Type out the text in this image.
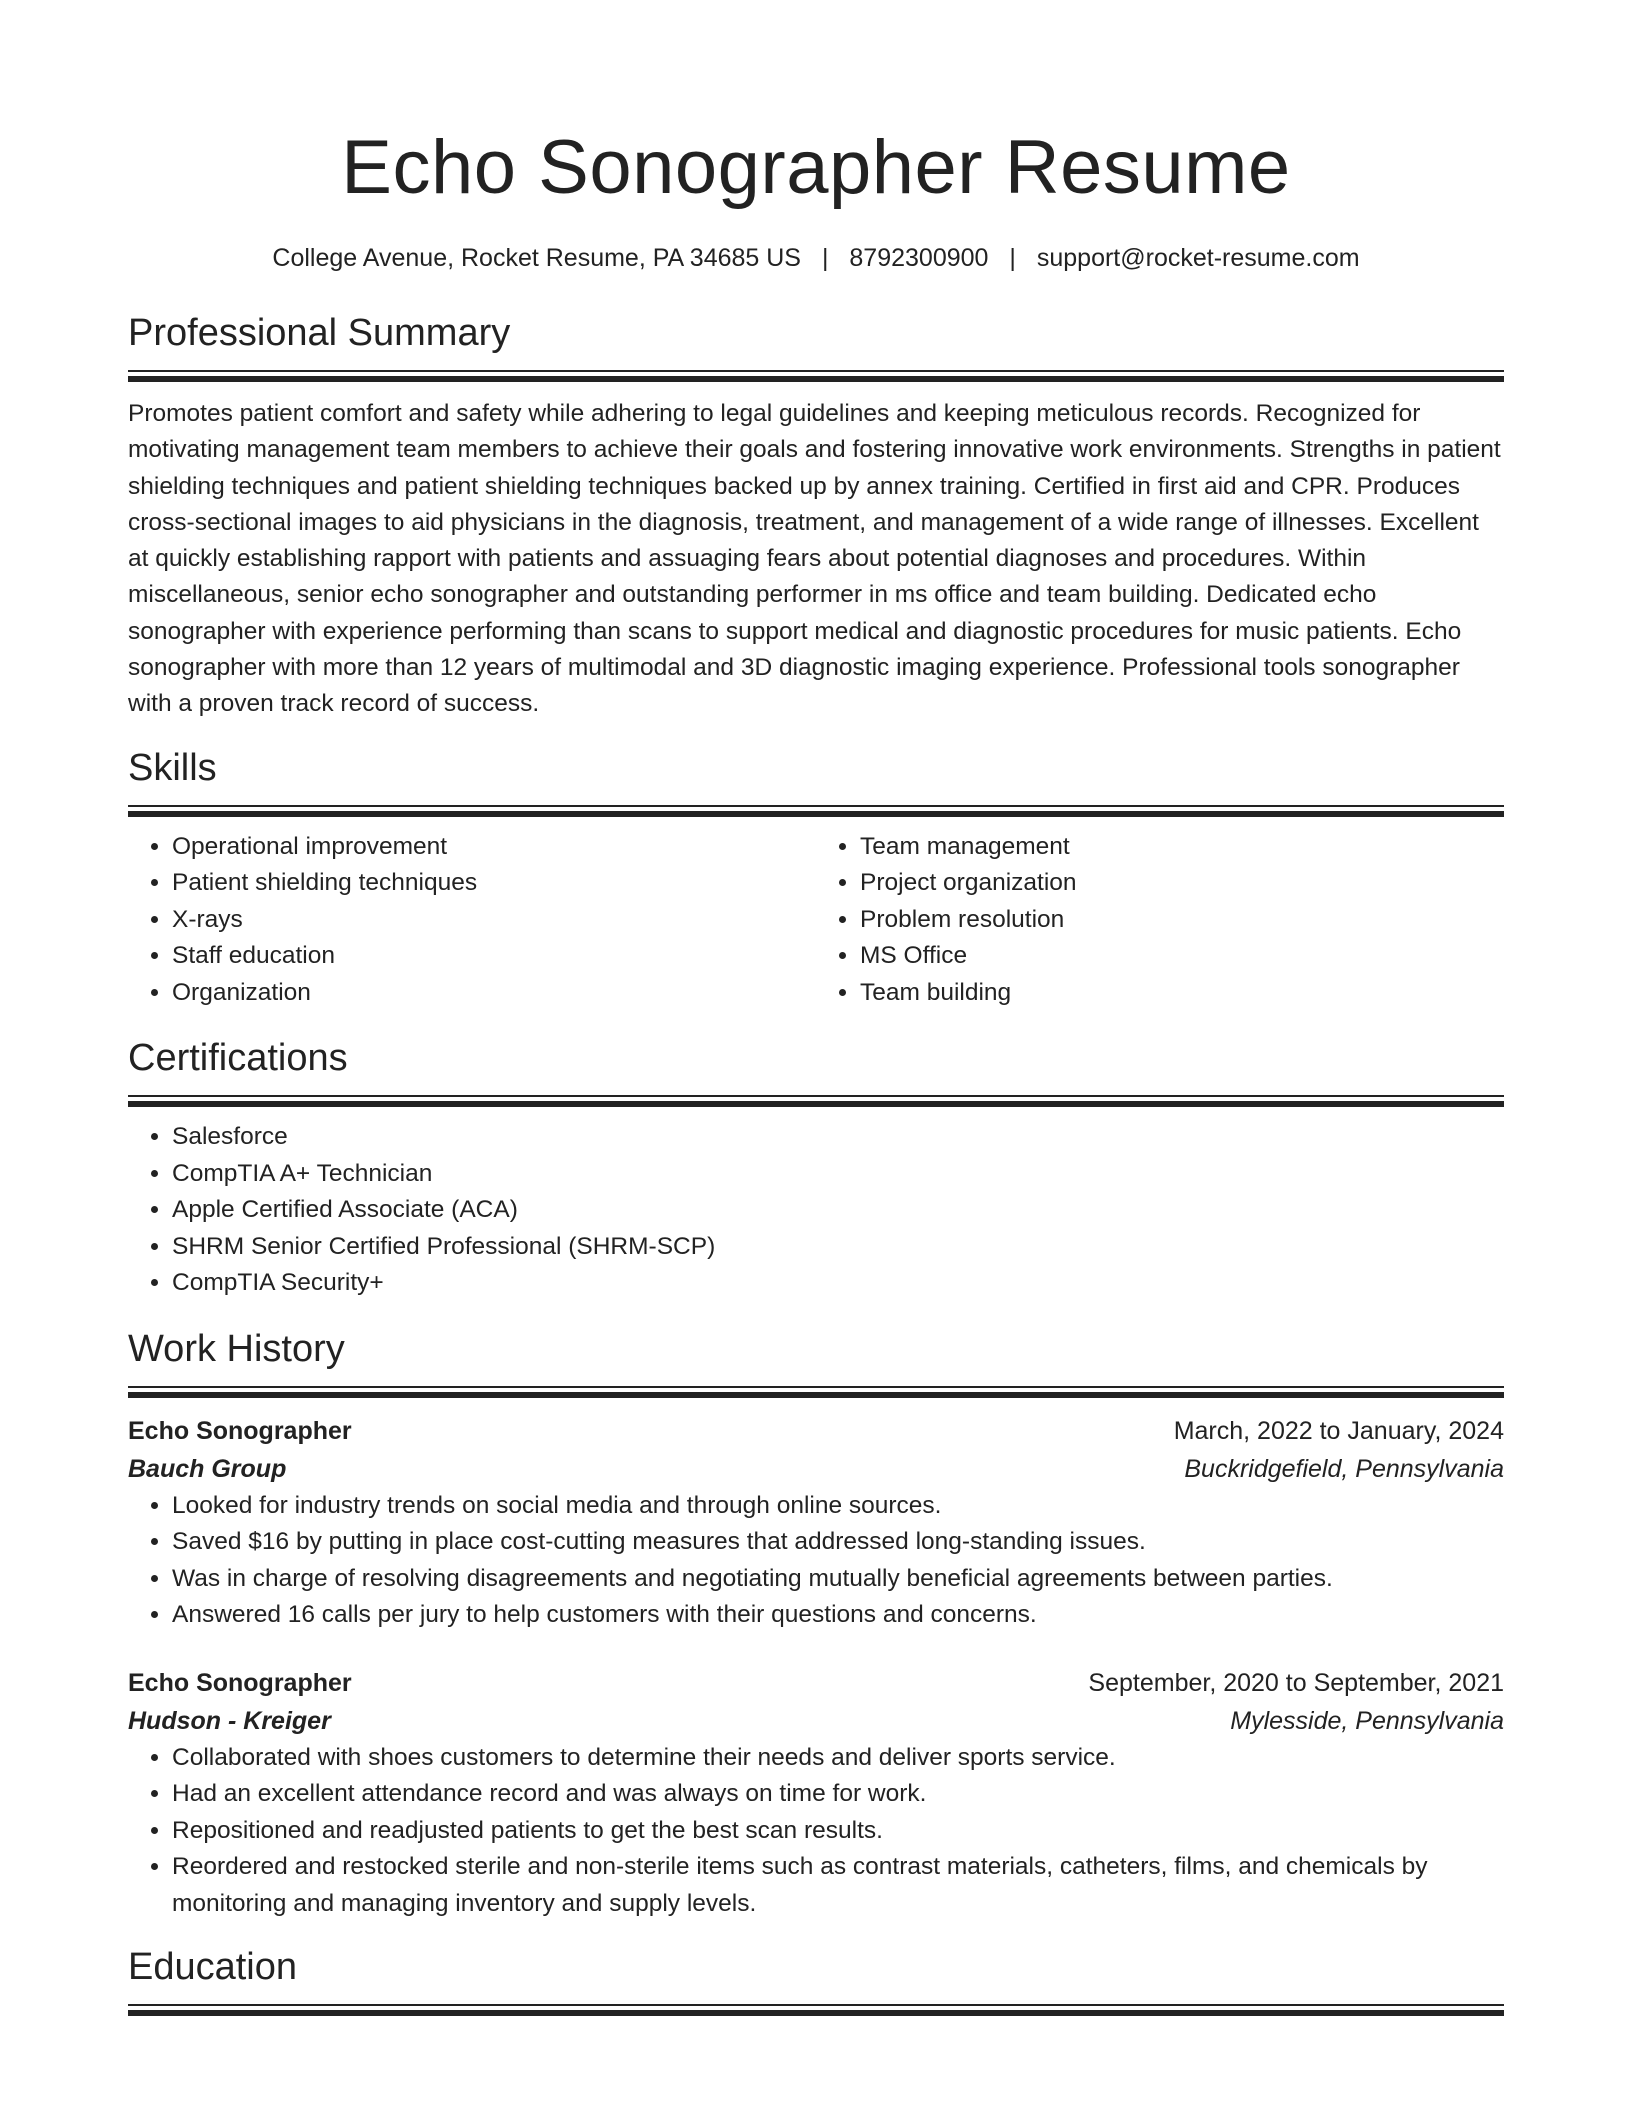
Echo Sonographer Resume
College Avenue, Rocket Resume, PA 34685 US | 8792300900 | support@rocket-resume.com
Professional Summary

Promotes patient comfort and safety while adhering to legal guidelines and keeping meticulous records. Recognized for motivating management team members to achieve their goals and fostering innovative work environments. Strengths in patient shielding techniques and patient shielding techniques backed up by annex training. Certified in first aid and CPR. Produces cross-sectional images to aid physicians in the diagnosis, treatment, and management of a wide range of illnesses. Excellent at quickly establishing rapport with patients and assuaging fears about potential diagnoses and procedures. Within miscellaneous, senior echo sonographer and outstanding performer in ms office and team building. Dedicated echo sonographer with experience performing than scans to support medical and diagnostic procedures for music patients. Echo sonographer with more than 12 years of multimodal and 3D diagnostic imaging experience. Professional tools sonographer with a proven track record of success.

Skills
• Operational improvement
• Patient shielding techniques
• X-rays
• Staff education
• Organization
• Team management
• Project organization
• Problem resolution
• MS Office
• Team building
Certifications
• Salesforce
• CompTIA A+ Technician
• Apple Certified Associate (ACA)
• SHRM Senior Certified Professional (SHRM-SCP)
• CompTIA Security+
Work History
Echo Sonographer	March, 2022 to January, 2024
Bauch Group	Buckridgefield, Pennsylvania
• Looked for industry trends on social media and through online sources.
• Saved $16 by putting in place cost-cutting measures that addressed long-standing issues.
• Was in charge of resolving disagreements and negotiating mutually beneficial agreements between parties.
• Answered 16 calls per jury to help customers with their questions and concerns.
Echo Sonographer	September, 2020 to September, 2021
Hudson - Kreiger	Mylesside, Pennsylvania
• Collaborated with shoes customers to determine their needs and deliver sports service.
• Had an excellent attendance record and was always on time for work.
• Repositioned and readjusted patients to get the best scan results.
• Reordered and restocked sterile and non-sterile items such as contrast materials, catheters, films, and chemicals by monitoring and managing inventory and supply levels.
Education
